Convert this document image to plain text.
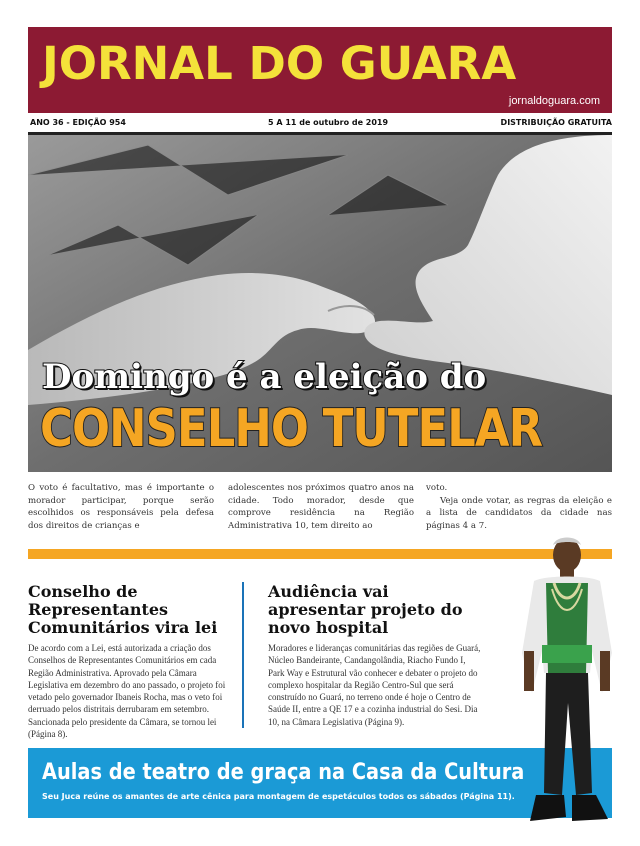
JORNAL DO GUARA
jornaldoguara.com
ANO 36 - EDIÇÃO 954	5 A 11 de outubro de 2019	DISTRIBUIÇÃO GRATUITA
Domingo é a eleição do
CONSELHO TUTELAR
O voto é facultativo, mas é importante o morador participar, porque serão escolhidos os responsáveis pela defesa dos direitos de crianças e
adolescentes nos próximos quatro anos na cidade. Todo morador, desde que comprove residência na Região Administrativa 10, tem direito ao
voto.
Veja onde votar, as regras da eleição e a lista de candidatos da cidade nas páginas 4 a 7.
Conselho de Representantes Comunitários vira lei
De acordo com a Lei, está autorizada a criação dos Conselhos de Representantes Comunitários em cada Região Administrativa. Aprovado pela Câmara Legislativa em dezembro do ano passado, o projeto foi vetado pelo governador Ibaneis Rocha, mas o veto foi derruado pelos distritais derrubaram em setembro. Sancionada pelo presidente da Câmara, se tornou lei (Página 8).
Audiência vai apresentar projeto do novo hospital
Moradores e lideranças comunitárias das regiões de Guará, Núcleo Bandeirante, Candangolândia, Riacho Fundo I, Park Way e Estrutural vão conhecer e debater o projeto do complexo hospitalar da Região Centro-Sul que será construído no Guará, no terreno onde é hoje o Centro de Saúde II, entre a QE 17 e a cozinha industrial do Sesi. Dia 10, na Câmara Legislativa (Página 9).
Aulas de teatro de graça na Casa da Cultura
Seu Juca reúne os amantes de arte cênica para montagem de espetáculos todos os sábados (Página 11).
